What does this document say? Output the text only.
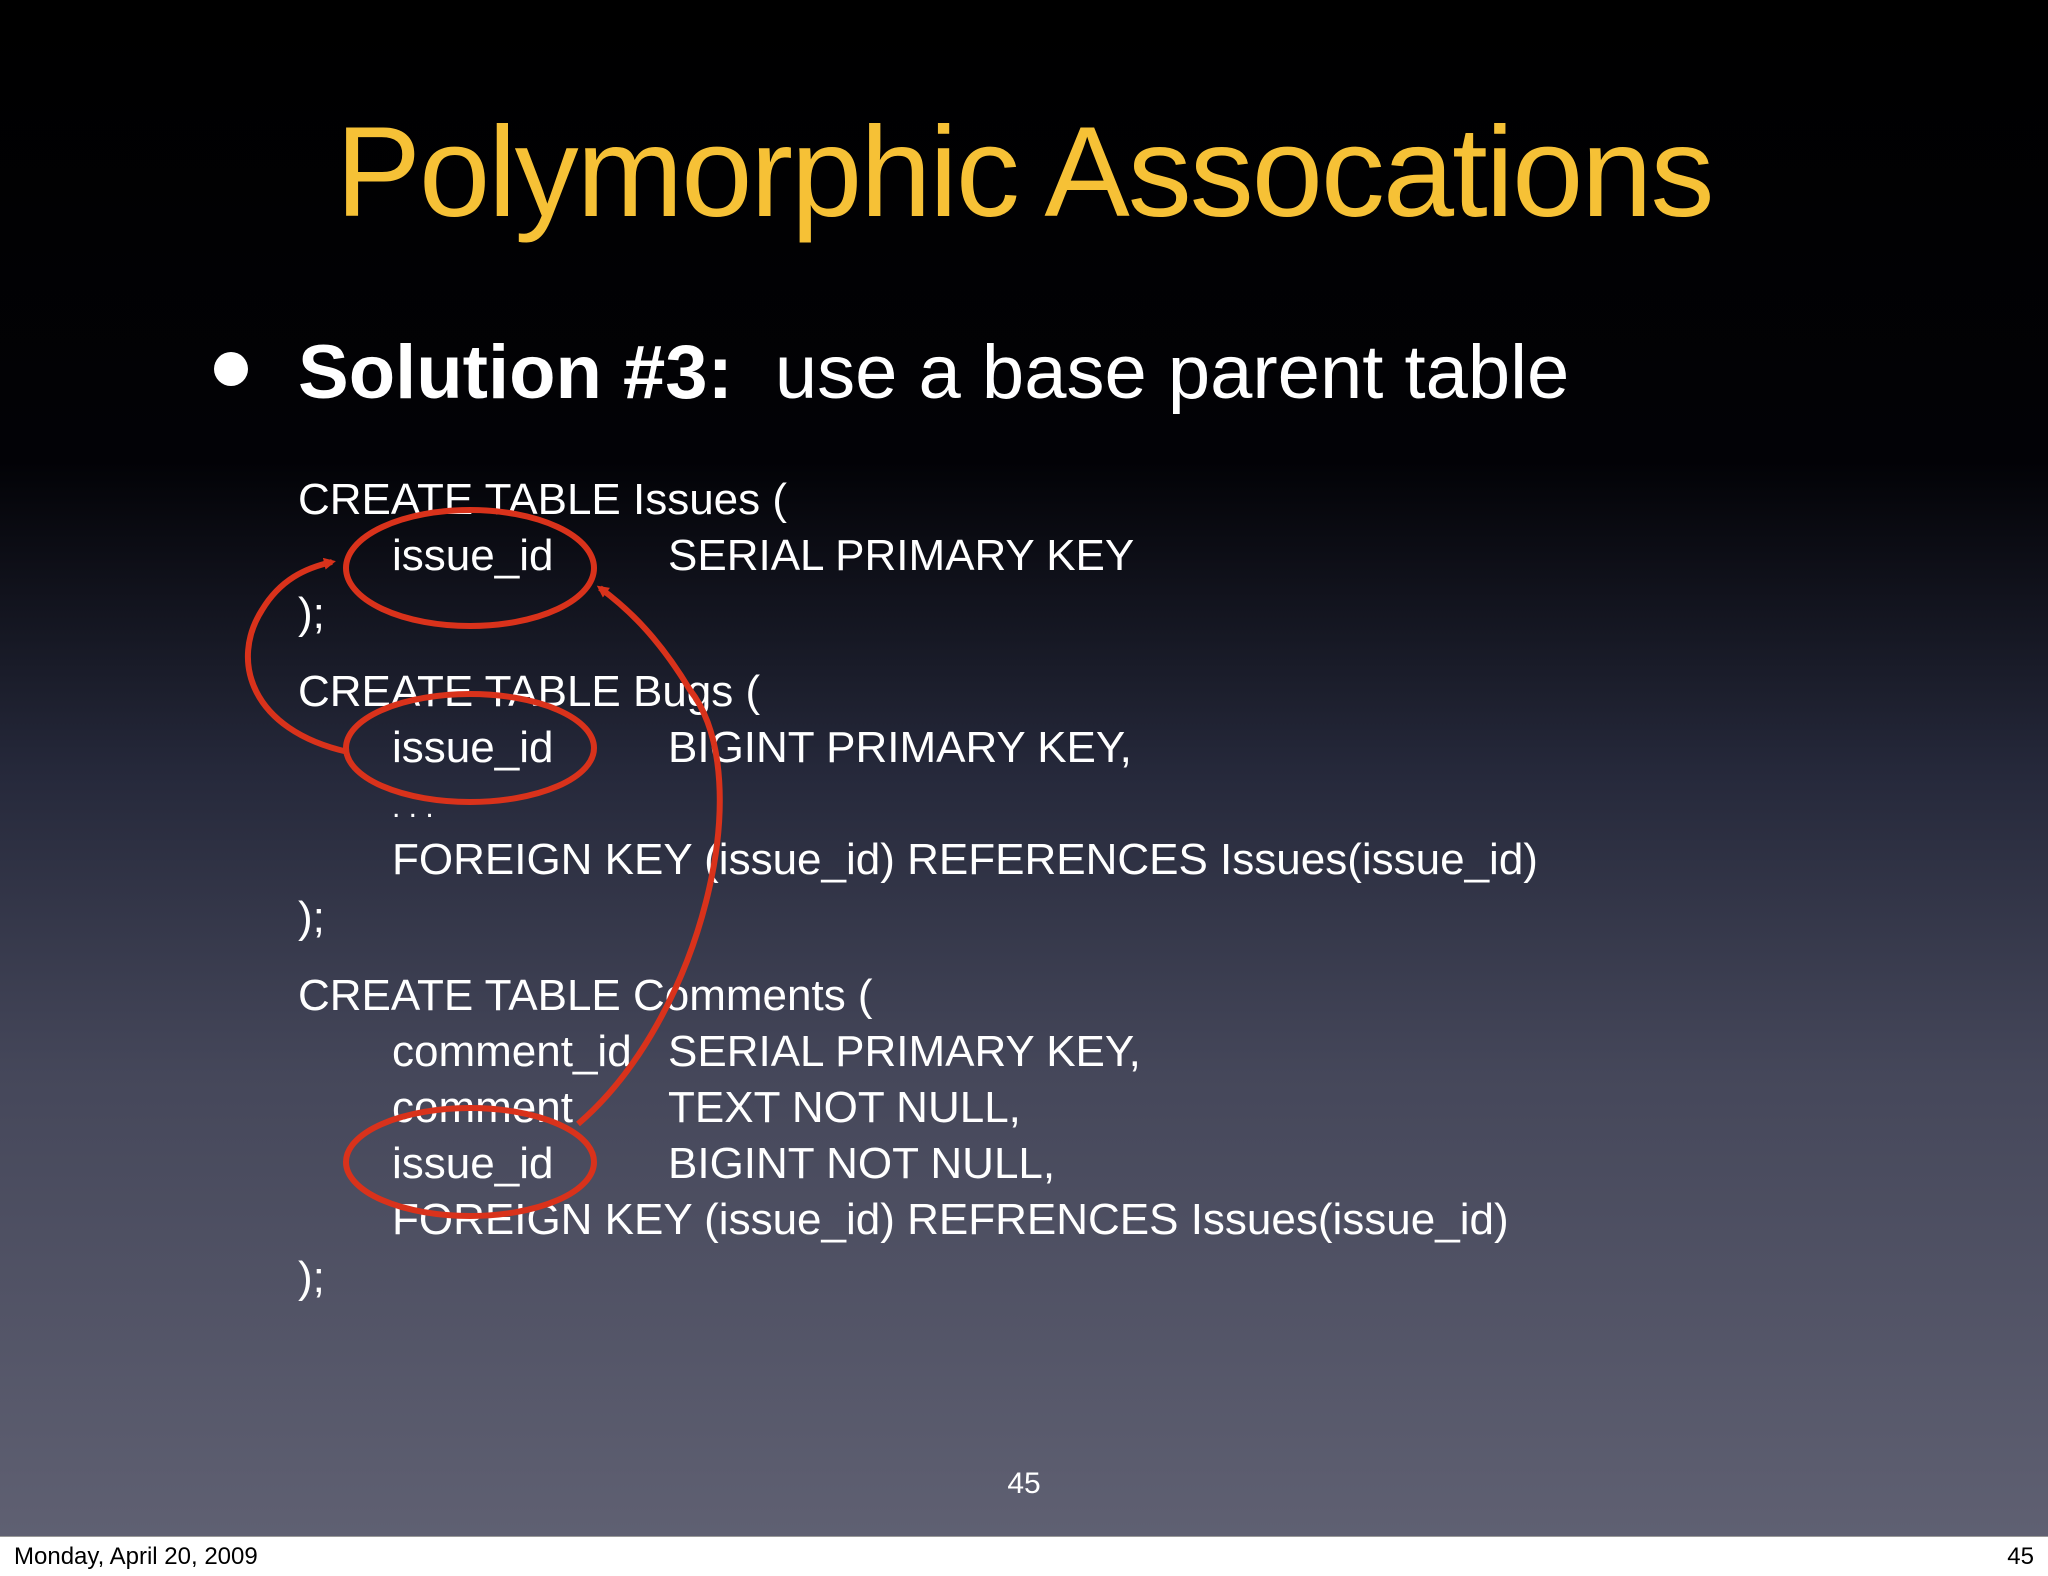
Polymorphic Assocations
Solution #3: use a base parent table
CREATE TABLE Issues (
issue_id	SERIAL PRIMARY KEY
);
CREATE TABLE Bugs (
issue_id	BIGINT PRIMARY KEY,
. . .
FOREIGN KEY (issue_id) REFERENCES Issues(issue_id)
);
CREATE TABLE Comments (
comment_id SERIAL PRIMARY KEY,
comment TEXT NOT NULL,
issue_id	BIGINT NOT NULL,
FOREIGN KEY (issue_id) REFRENCES Issues(issue_id)
);
45
Monday, April 20, 2009	45
